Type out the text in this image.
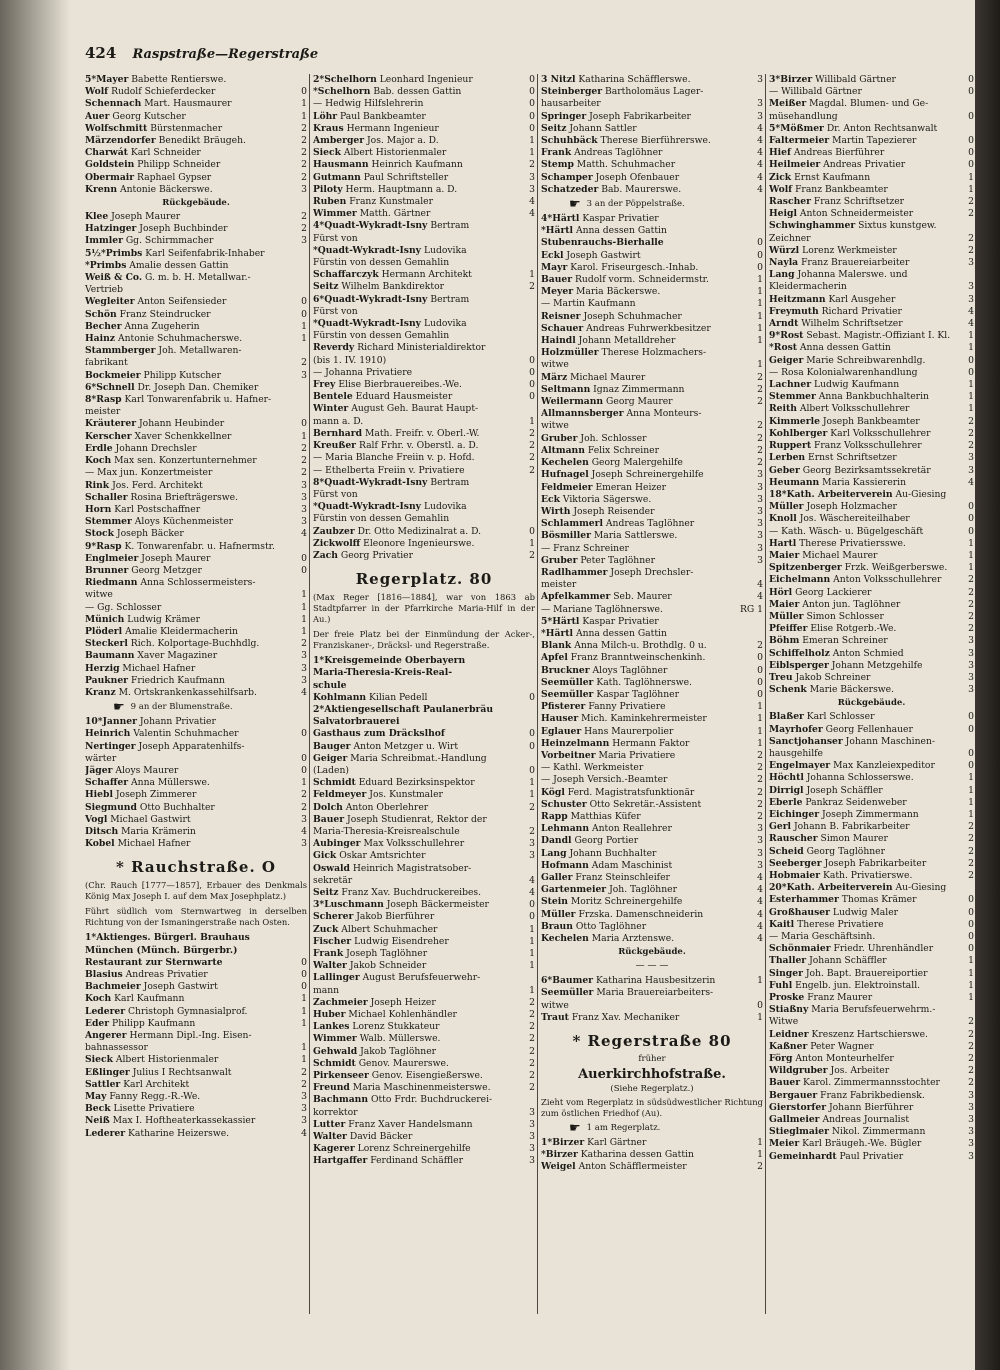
424 Raspstraße—Regerstraße
5*Mayer Babette Rentierswe.
Wolf Rudolf Schieferdecker	0
Schennach Mart. Hausmaurer	1
Auer Georg Kutscher	1
Wolfschmitt Bürstenmacher	2
Märzendorfer Benedikt Bräugeh.	2
Charwát Karl Schneider	2
Goldstein Philipp Schneider	2
Obermair Raphael Gypser	2
Krenn Antonie Bäckerswe.	3
Rückgebäude.
Klee Joseph Maurer	2
Hatzinger Joseph Buchbinder	2
Immler Gg. Schirmmacher	3
5½*Primbs Karl Seifenfabrik-Inhaber
*Primbs Amalie dessen Gattin
Weiß & Co. G. m. b. H. Metallwar.-
Vertrieb
Wegleiter Anton Seifensieder	0
Schön Franz Steindrucker	0
Becher Anna Zugeherin	1
Hainz Antonie Schuhmacherswe.	1
Stammberger Joh. Metallwaren-
fabrikant	2
Bockmeier Philipp Kutscher	3
6*Schnell Dr. Joseph Dan. Chemiker
8*Rasp Karl Tonwarenfabrik u. Hafner-
meister
Kräuterer Johann Heubinder	0
Kerscher Xaver Schenkkellner	1
Erdle Johann Drechsler	2
Koch Max sen. Konzertunternehmer	2
— Max jun. Konzertmeister	2
Rink Jos. Ferd. Architekt	3
Schaller Rosina Briefträgerswe.	3
Horn Karl Postschaffner	3
Stemmer Aloys Küchenmeister	3
Stock Joseph Bäcker	4
9*Rasp K. Tonwarenfabr. u. Hafnermstr.
Englmeier Joseph Maurer	0
Brunner Georg Metzger	0
Riedmann Anna Schlossermeisters-
witwe	1
— Gg. Schlosser	1
Münich Ludwig Krämer	1
Plöderl Amalie Kleidermacherin	1
Steckerl Rich. Kolportage-Buchhdlg.	2
Baumann Xaver Magaziner	3
Herzig Michael Hafner	3
Paukner Friedrich Kaufmann	3
Kranz M. Ortskrankenkassehilfsarb.	4
☛ 9 an der Blumenstraße.
10*Janner Johann Privatier
Heinrich Valentin Schuhmacher	0
Nertinger Joseph Apparatenhilfs-
wärter	0
Jäger Aloys Maurer	0
Schaffer Anna Müllerswe.	1
Hiebl Joseph Zimmerer	2
Siegmund Otto Buchhalter	2
Vogl Michael Gastwirt	3
Ditsch Maria Krämerin	4
Kobel Michael Hafner	3
* Rauchstraße. O
(Chr. Rauch [1777—1857], Erbauer des Denkmals König Max Joseph I. auf dem Max Josephplatz.)
Führt südlich vom Sternwartweg in derselben Richtung von der Ismaningerstraße nach Osten.
1*Aktienges. Bürgerl. Brauhaus
München (Münch. Bürgerbr.)
Restaurant zur Sternwarte	0
Blasius Andreas Privatier	0
Bachmeier Joseph Gastwirt	0
Koch Karl Kaufmann	1
Lederer Christoph Gymnasialprof.	1
Eder Philipp Kaufmann	1
Angerer Hermann Dipl.-Ing. Eisen-
bahnassessor	1
Sieck Albert Historienmaler	1
Eßlinger Julius I Rechtsanwalt	2
Sattler Karl Architekt	2
May Fanny Regg.-R.-We.	3
Beck Lisette Privatiere	3
Neiß Max I. Hoftheaterkassekassier	3
Lederer Katharine Heizerswe.	4
2*Schelhorn Leonhard Ingenieur	0
*Schelhorn Bab. dessen Gattin	0
— Hedwig Hilfslehrerin	0
Löhr Paul Bankbeamter	0
Kraus Hermann Ingenieur	0
Amberger Jos. Major a. D.	1
Sieck Albert Historienmaler	1
Hausmann Heinrich Kaufmann	2
Gutmann Paul Schriftsteller	3
Piloty Herm. Hauptmann a. D.	3
Ruben Franz Kunstmaler	4
Wimmer Matth. Gärtner	4
4*Quadt-Wykradt-Isny Bertram
Fürst von
*Quadt-Wykradt-Isny Ludovika
Fürstin von dessen Gemahlin
Schaffarczyk Hermann Architekt	1
Seitz Wilhelm Bankdirektor	2
6*Quadt-Wykradt-Isny Bertram
Fürst von
*Quadt-Wykradt-Isny Ludovika
Fürstin von dessen Gemahlin
Reverdy Richard Ministerialdirektor
(bis 1. IV. 1910)	0
— Johanna Privatiere	0
Frey Elise Bierbrauereibes.-We.	0
Bentele Eduard Hausmeister	0
Winter August Geh. Baurat Haupt-
mann a. D.	1
Bernhard Math. Freifr. v. Oberl.-W.	2
Kreußer Ralf Frhr. v. Oberstl. a. D.	2
— Maria Blanche Freiin v. p. Hofd.	2
— Ethelberta Freiin v. Privatiere	2
8*Quadt-Wykradt-Isny Bertram
Fürst von
*Quadt-Wykradt-Isny Ludovika
Fürstin von dessen Gemahlin
Zaubzer Dr. Otto Medizinalrat a. D.	0
Zickwolff Eleonore Ingenieurswe.	1
Zach Georg Privatier	2
Regerplatz. 80
(Max Reger [1816—1884], war von 1863 ab Stadtpfarrer in der Pfarrkirche Maria-Hilf in der Au.)
Der freie Platz bei der Einmündung der Acker-, Franziskaner-, Dräcksl- und Regerstraße.
1*Kreisgemeinde Oberbayern
Maria-Theresia-Kreis-Real-
schule
Kohlmann Kilian Pedell	0
2*Aktiengesellschaft Paulanerbräu
Salvatorbrauerei
Gasthaus zum Dräckslhof	0
Bauger Anton Metzger u. Wirt	0
Geiger Maria Schreibmat.-Handlung
(Laden)	0
Schmidt Eduard Bezirksinspektor	1
Feldmeyer Jos. Kunstmaler	1
Dolch Anton Oberlehrer	2
Bauer Joseph Studienrat, Rektor der
Maria-Theresia-Kreisrealschule	2
Aubinger Max Volksschullehrer	3
Gick Oskar Amtsrichter	3
Oswald Heinrich Magistratsober-
sekretär	4
Seitz Franz Xav. Buchdruckereibes.	4
3*Luschmann Joseph Bäckermeister	0
Scherer Jakob Bierführer	0
Zuck Albert Schuhmacher	1
Fischer Ludwig Eisendreher	1
Frank Joseph Taglöhner	1
Walter Jakob Schneider	1
Lallinger August Berufsfeuerwehr-
mann	1
Zachmeier Joseph Heizer	2
Huber Michael Kohlenhändler	2
Lankes Lorenz Stukkateur	2
Wimmer Walb. Müllerswe.	2
Gehwald Jakob Taglöhner	2
Schmidt Genov. Maurerswe.	2
Pirkenseer Genov. Eisengießerswe.	2
Freund Maria Maschinenmeisterswe.	2
Bachmann Otto Frdr. Buchdruckerei-
korrektor	3
Lutter Franz Xaver Handelsmann	3
Walter David Bäcker	3
Kagerer Lorenz Schreinergehilfe	3
Hartgaffer Ferdinand Schäffler	3
3 Nitzl Katharina Schäfflerswe.	3
Steinberger Bartholomäus Lager-
hausarbeiter	3
Springer Joseph Fabrikarbeiter	3
Seitz Johann Sattler	4
Schuhbäck Therese Bierführerswe.	4
Frank Andreas Taglöhner	4
Stemp Matth. Schuhmacher	4
Schamper Joseph Ofenbauer	4
Schatzeder Bab. Maurerswe.	4
☛ 3 an der Pöppelstraße.
4*Härtl Kaspar Privatier
*Härtl Anna dessen Gattin
Stubenrauchs-Bierhalle	0
Eckl Joseph Gastwirt	0
Mayr Karol. Friseurgesch.-Inhab.	0
Bauer Rudolf vorm. Schneidermstr.	1
Meyer Maria Bäckerswe.	1
— Martin Kaufmann	1
Reisner Joseph Schuhmacher	1
Schauer Andreas Fuhrwerkbesitzer	1
Haindl Johann Metalldreher	1
Holzmüller Therese Holzmachers-
witwe	1
März Michael Maurer	2
Seltmann Ignaz Zimmermann	2
Weilermann Georg Maurer	2
Allmannsberger Anna Monteurs-
witwe	2
Gruber Joh. Schlosser	2
Altmann Felix Schreiner	2
Kechelen Georg Malergehilfe	2
Hufnagel Joseph Schreinergehilfe	3
Feldmeier Emeran Heizer	3
Eck Viktoria Sägerswe.	3
Wirth Joseph Reisender	3
Schlammerl Andreas Taglöhner	3
Bösmiller Maria Sattlerswe.	3
— Franz Schreiner	3
Gruber Peter Taglöhner	3
Radlhammer Joseph Drechsler-
meister	4
Apfelkammer Seb. Maurer	4
— Mariane Taglöhnerswe.	RG 1
5*Härtl Kaspar Privatier
*Härtl Anna dessen Gattin
Blank Anna Milch-u. Brothdlg. 0 u.	2
Apfel Franz Branntweinschenkinh.	0
Bruckner Aloys Taglöhner	0
Seemüller Kath. Taglöhnerswe.	0
Seemüller Kaspar Taglöhner	0
Pfisterer Fanny Privatiere	1
Hauser Mich. Kaminkehrermeister	1
Eglauer Hans Maurerpolier	1
Heinzelmann Hermann Faktor	1
Vorbeitner Maria Privatiere	2
— Kathl. Werkmeister	2
— Joseph Versich.-Beamter	2
Kögl Ferd. Magistratsfunktionär	2
Schuster Otto Sekretär.-Assistent	2
Rapp Matthias Küfer	2
Lehmann Anton Reallehrer	3
Dandl Georg Portier	3
Lang Johann Buchhalter	3
Hofmann Adam Maschinist	3
Galler Franz Steinschleifer	4
Gartenmeier Joh. Taglöhner	4
Stein Moritz Schreinergehilfe	4
Müller Frzska. Damenschneiderin	4
Braun Otto Taglöhner	4
Kechelen Maria Arztenswe.	4
Rückgebäude.
— — —
6*Baumer Katharina Hausbesitzerin	1
Seemüller Maria Brauereiarbeiters-
witwe	0
Traut Franz Xav. Mechaniker	1
* Regerstraße 80
früher
Auerkirchhofstraße.
(Siehe Regerplatz.)
Zieht vom Regerplatz in südsüdwestlicher Richtung zum östlichen Friedhof (Au).
☛ 1 am Regerplatz.
1*Birzer Karl Gärtner	1
*Birzer Katharina dessen Gattin	1
Weigel Anton Schäfflermeister	2
3*Birzer Willibald Gärtner	0
— Willibald Gärtner	0
Meißer Magdal. Blumen- und Ge-
müsehandlung	0
5*Mößmer Dr. Anton Rechtsanwalt
Faltermeier Martin Tapezierer	0
Hief Andreas Bierführer	0
Heilmeier Andreas Privatier	0
Zick Ernst Kaufmann	1
Wolf Franz Bankbeamter	1
Rascher Franz Schriftsetzer	2
Heigl Anton Schneidermeister	2
Schwinghammer Sixtus kunstgew.
Zeichner	2
Würzl Lorenz Werkmeister	2
Nayla Franz Brauereiarbeiter	3
Lang Johanna Malerswe. und
Kleidermacherin	3
Heitzmann Karl Ausgeher	3
Freymuth Richard Privatier	4
Arndt Wilhelm Schriftsetzer	4
9*Rost Sebast. Magistr.-Offiziant I. Kl.	1
*Rost Anna dessen Gattin	1
Geiger Marie Schreibwarenhdlg.	0
— Rosa Kolonialwarenhandlung	0
Lachner Ludwig Kaufmann	1
Stemmer Anna Bankbuchhalterin	1
Reith Albert Volksschullehrer	1
Kimmerle Joseph Bankbeamter	2
Kohlberger Karl Volksschullehrer	2
Ruppert Franz Volksschullehrer	2
Lerben Ernst Schriftsetzer	3
Geber Georg Bezirksamtssekretär	3
Heumann Maria Kassiererin	4
18*Kath. Arbeiterverein Au-Giesing
Müller Joseph Holzmacher	0
Knoll Jos. Wäschereiteilhaber	0
— Kath. Wäsch- u. Bügelgeschäft	0
Hartl Therese Privatiersswe.	1
Maier Michael Maurer	1
Spitzenberger Frzk. Weißgerberswe.	1
Eichelmann Anton Volksschullehrer	2
Hörl Georg Lackierer	2
Maier Anton jun. Taglöhner	2
Müller Simon Schlosser	2
Pfeiffer Elise Rotgerb.-We.	2
Böhm Emeran Schreiner	3
Schiffelholz Anton Schmied	3
Eiblsperger Johann Metzgehilfe	3
Treu Jakob Schreiner	3
Schenk Marie Bäckerswe.	3
Rückgebäude.
Blaßer Karl Schlosser	0
Mayrhofer Georg Fellenhauer	0
Sanctjohanser Johann Maschinen-
hausgehilfe	0
Engelmayer Max Kanzleiexpeditor	0
Höchtl Johanna Schlosserswe.	1
Dirrigl Joseph Schäffler	1
Eberle Pankraz Seidenweber	1
Eichinger Joseph Zimmermann	1
Gerl Johann B. Fabrikarbeiter	2
Rauscher Simon Maurer	2
Scheid Georg Taglöhner	2
Seeberger Joseph Fabrikarbeiter	2
Hobmaier Kath. Privatierswe.	2
20*Kath. Arbeiterverein Au-Giesing
Esterhammer Thomas Krämer	0
Großhauser Ludwig Maler	0
Kaitl Therese Privatiere	0
— Maria Geschäftsinh.	0
Schönmaier Friedr. Uhrenhändler	0
Thaller Johann Schäffler	1
Singer Joh. Bapt. Brauereiportier	1
Fuhl Engelb. jun. Elektroinstall.	1
Proske Franz Maurer	1
Stiaßny Maria Berufsfeuerwehrm.-
Witwe	2
Leidner Kreszenz Hartschierswe.	2
Kaßner Peter Wagner	2
Förg Anton Monteurhelfer	2
Wildgruber Jos. Arbeiter	2
Bauer Karol. Zimmermannsstochter	2
Bergauer Franz Fabrikbediensk.	3
Gierstorfer Johann Bierführer	3
Gallmeier Andreas Journalist	3
Stieglmaier Nikol. Zimmermann	3
Meier Karl Bräugeh.-We. Bügler	3
Gemeinhardt Paul Privatier	3
